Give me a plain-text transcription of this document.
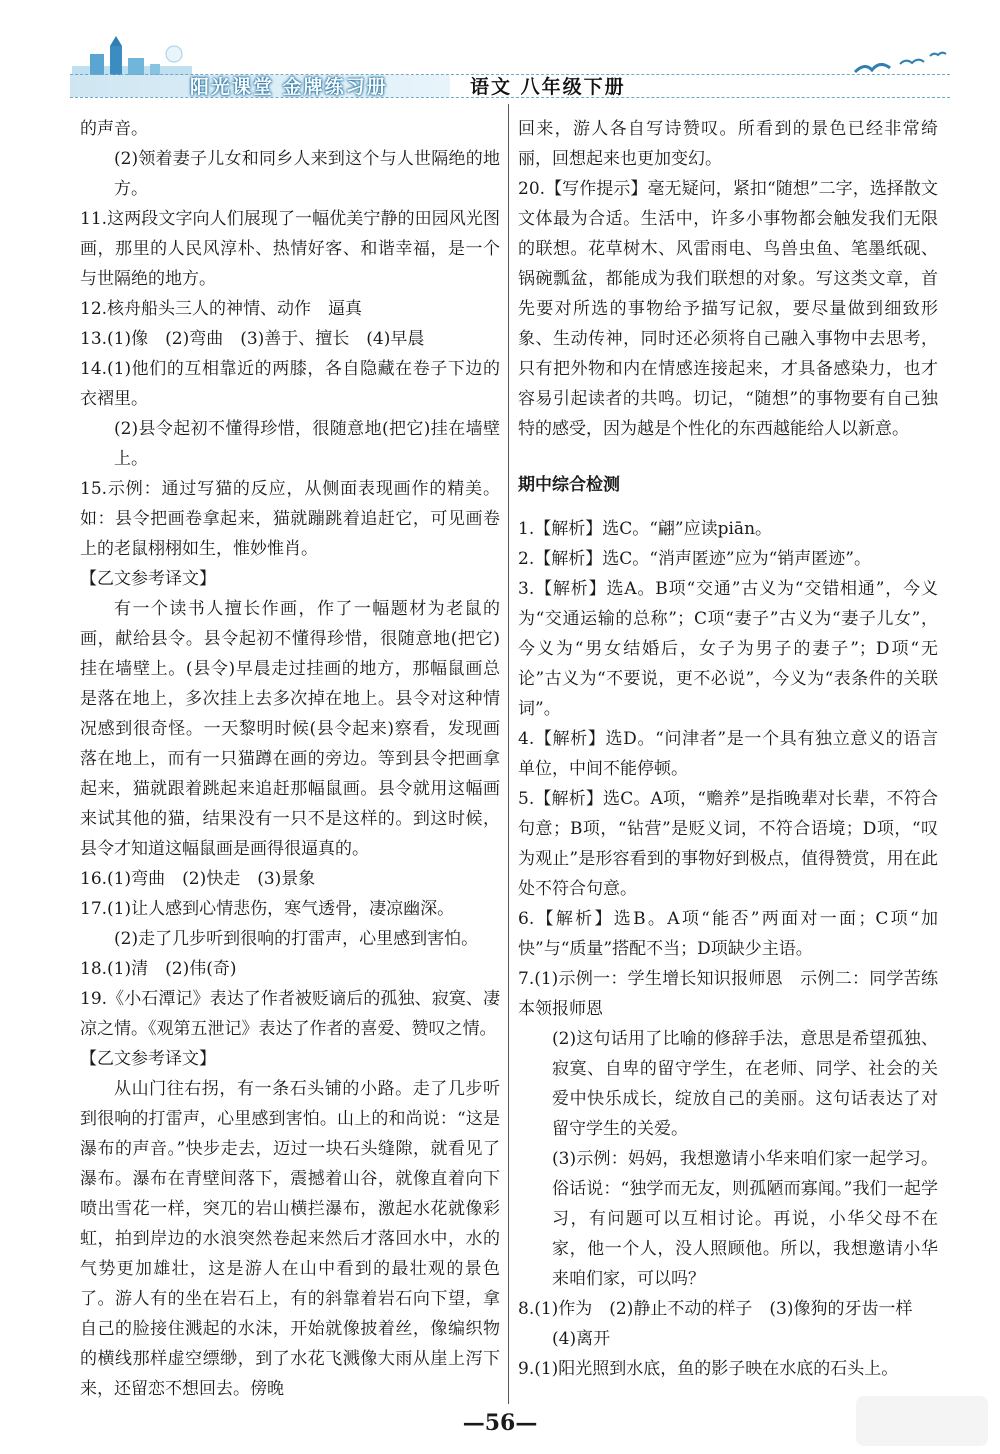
阳光课堂 金牌练习册	语文 八年级下册

的声音。

(2)领着妻子儿女和同乡人来到这个与人世隔绝的地方。

11.这两段文字向人们展现了一幅优美宁静的田园风光图画，那里的人民风淳朴、热情好客、和谐幸福，是一个与世隔绝的地方。

12.核舟船头三人的神情、动作　逼真

13.(1)像　(2)弯曲　(3)善于、擅长　(4)早晨

14.(1)他们的互相靠近的两膝，各自隐藏在卷子下边的衣褶里。

(2)县令起初不懂得珍惜，很随意地(把它)挂在墙壁上。

15.示例：通过写猫的反应，从侧面表现画作的精美。如：县令把画卷拿起来，猫就蹦跳着追赶它，可见画卷上的老鼠栩栩如生，惟妙惟肖。

【乙文参考译文】

有一个读书人擅长作画，作了一幅题材为老鼠的画，献给县令。县令起初不懂得珍惜，很随意地(把它)挂在墙壁上。(县令)早晨走过挂画的地方，那幅鼠画总是落在地上，多次挂上去多次掉在地上。县令对这种情况感到很奇怪。一天黎明时候(县令起来)察看，发现画落在地上，而有一只猫蹲在画的旁边。等到县令把画拿起来，猫就跟着跳起来追赶那幅鼠画。县令就用这幅画来试其他的猫，结果没有一只不是这样的。到这时候，县令才知道这幅鼠画是画得很逼真的。

16.(1)弯曲　(2)快走　(3)景象

17.(1)让人感到心情悲伤，寒气透骨，凄凉幽深。

(2)走了几步听到很响的打雷声，心里感到害怕。

18.(1)清　(2)伟(奇)

19.《小石潭记》表达了作者被贬谪后的孤独、寂寞、凄凉之情。《观第五泄记》表达了作者的喜爱、赞叹之情。

【乙文参考译文】

从山门往右拐，有一条石头铺的小路。走了几步听到很响的打雷声，心里感到害怕。山上的和尚说：“这是瀑布的声音。”快步走去，迈过一块石头缝隙，就看见了瀑布。瀑布在青壁间落下，震撼着山谷，就像直着向下喷出雪花一样，突兀的岩山横拦瀑布，激起水花就像彩虹，拍到岸边的水浪突然卷起来然后才落回水中，水的气势更加雄壮，这是游人在山中看到的最壮观的景色了。游人有的坐在岩石上，有的斜靠着岩石向下望，拿自己的脸接住溅起的水沫，开始就像披着丝，像编织物的横线那样虚空缥缈，到了水花飞溅像大雨从崖上泻下来，还留恋不想回去。傍晚

回来，游人各自写诗赞叹。所看到的景色已经非常绮丽，回想起来也更加变幻。

20.【写作提示】毫无疑问，紧扣“随想”二字，选择散文文体最为合适。生活中，许多小事物都会触发我们无限的联想。花草树木、风雷雨电、鸟兽虫鱼、笔墨纸砚、锅碗瓢盆，都能成为我们联想的对象。写这类文章，首先要对所选的事物给予描写记叙，要尽量做到细致形象、生动传神，同时还必须将自己融入事物中去思考，只有把外物和内在情感连接起来，才具备感染力，也才容易引起读者的共鸣。切记，“随想”的事物要有自己独特的感受，因为越是个性化的东西越能给人以新意。

期中综合检测

1.【解析】选C。“翩”应读piān。

2.【解析】选C。“消声匿迹”应为“销声匿迹”。

3.【解析】选A。B项“交通”古义为“交错相通”，今义为“交通运输的总称”；C项“妻子”古义为“妻子儿女”，今义为“男女结婚后，女子为男子的妻子”；D项“无论”古义为“不要说，更不必说”，今义为“表条件的关联词”。

4.【解析】选D。“问津者”是一个具有独立意义的语言单位，中间不能停顿。

5.【解析】选C。A项，“赡养”是指晚辈对长辈，不符合句意；B项，“钻营”是贬义词，不符合语境；D项，“叹为观止”是形容看到的事物好到极点，值得赞赏，用在此处不符合句意。

6.【解析】选B。A项“能否”两面对一面；C项“加快”与“质量”搭配不当；D项缺少主语。

7.(1)示例一：学生增长知识报师恩　示例二：同学苦练本领报师恩

(2)这句话用了比喻的修辞手法，意思是希望孤独、寂寞、自卑的留守学生，在老师、同学、社会的关爱中快乐成长，绽放自己的美丽。这句话表达了对留守学生的关爱。

(3)示例：妈妈，我想邀请小华来咱们家一起学习。俗话说：“独学而无友，则孤陋而寡闻。”我们一起学习，有问题可以互相讨论。再说，小华父母不在家，他一个人，没人照顾他。所以，我想邀请小华来咱们家，可以吗？

8.(1)作为　(2)静止不动的样子　(3)像狗的牙齿一样

(4)离开

9.(1)阳光照到水底，鱼的影子映在水底的石头上。

—56—
